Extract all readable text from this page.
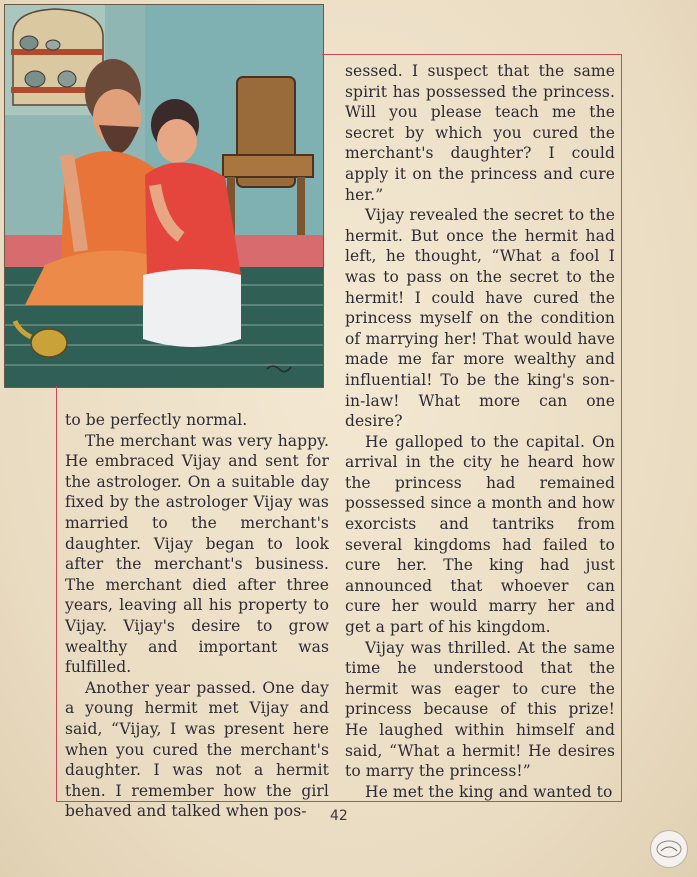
to be perfectly normal.

The merchant was very happy. He embraced Vijay and sent for the astrologer. On a suitable day fixed by the astrologer Vijay was married to the merchant's daughter. Vijay began to look after the merchant's business. The merchant died after three years, leaving all his property to Vijay. Vijay's desire to grow wealthy and important was fulfilled.

Another year passed. One day a young hermit met Vijay and said, “Vijay, I was present here when you cured the merchant's daughter. I was not a hermit then. I remember how the girl behaved and talked when pos-

sessed. I suspect that the same spirit has possessed the princess. Will you please teach me the secret by which you cured the merchant's daughter? I could apply it on the princess and cure her.”

Vijay revealed the secret to the hermit. But once the hermit had left, he thought, “What a fool I was to pass on the secret to the hermit! I could have cured the princess myself on the condition of marrying her! That would have made me far more wealthy and influential! To be the king's son-in-law! What more can one desire?

He galloped to the capital. On arrival in the city he heard how the princess had remained possessed since a month and how exorcists and tantriks from several kingdoms had failed to cure her. The king had just announced that whoever can cure her would marry her and get a part of his kingdom.

Vijay was thrilled. At the same time he understood that the hermit was eager to cure the princess because of this prize! He laughed within himself and said, “What a hermit! He desires to marry the princess!”

He met the king and wanted to

42
